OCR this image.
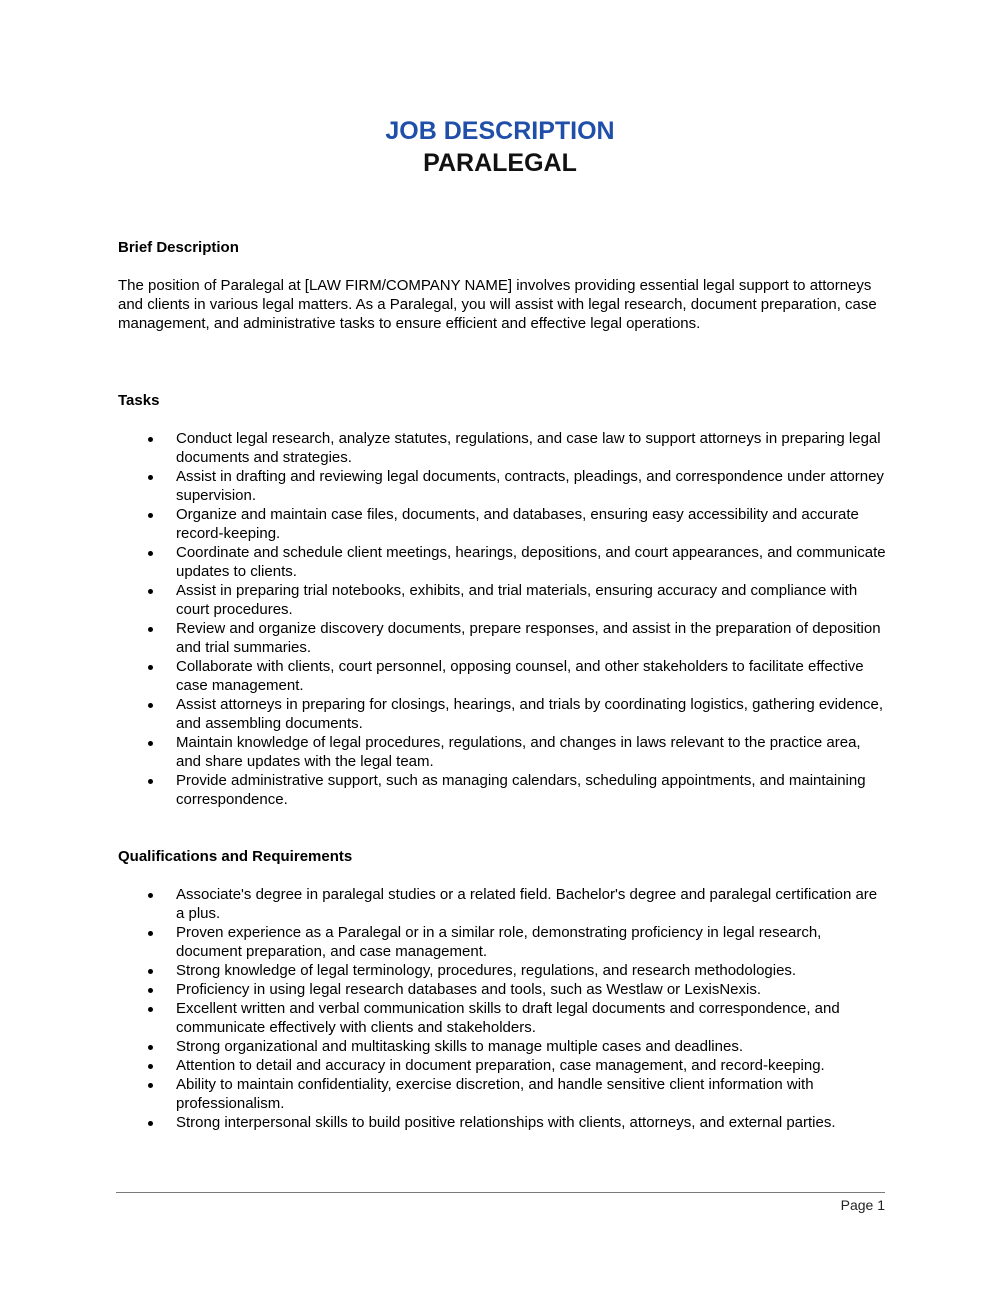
JOB DESCRIPTION
PARALEGAL

Brief Description

The position of Paralegal at [LAW FIRM/COMPANY NAME] involves providing essential legal support to attorneys and clients in various legal matters. As a Paralegal, you will assist with legal research, document preparation, case management, and administrative tasks to ensure efficient and effective legal operations.

Tasks

Conduct legal research, analyze statutes, regulations, and case law to support attorneys in preparing legal documents and strategies.
Assist in drafting and reviewing legal documents, contracts, pleadings, and correspondence under attorney supervision.
Organize and maintain case files, documents, and databases, ensuring easy accessibility and accurate record-keeping.
Coordinate and schedule client meetings, hearings, depositions, and court appearances, and communicate updates to clients.
Assist in preparing trial notebooks, exhibits, and trial materials, ensuring accuracy and compliance with court procedures.
Review and organize discovery documents, prepare responses, and assist in the preparation of deposition and trial summaries.
Collaborate with clients, court personnel, opposing counsel, and other stakeholders to facilitate effective case management.
Assist attorneys in preparing for closings, hearings, and trials by coordinating logistics, gathering evidence, and assembling documents.
Maintain knowledge of legal procedures, regulations, and changes in laws relevant to the practice area, and share updates with the legal team.
Provide administrative support, such as managing calendars, scheduling appointments, and maintaining correspondence.

Qualifications and Requirements

Associate's degree in paralegal studies or a related field. Bachelor's degree and paralegal certification are a plus.
Proven experience as a Paralegal or in a similar role, demonstrating proficiency in legal research, document preparation, and case management.
Strong knowledge of legal terminology, procedures, regulations, and research methodologies.
Proficiency in using legal research databases and tools, such as Westlaw or LexisNexis.
Excellent written and verbal communication skills to draft legal documents and correspondence, and communicate effectively with clients and stakeholders.
Strong organizational and multitasking skills to manage multiple cases and deadlines.
Attention to detail and accuracy in document preparation, case management, and record-keeping.
Ability to maintain confidentiality, exercise discretion, and handle sensitive client information with professionalism.
Strong interpersonal skills to build positive relationships with clients, attorneys, and external parties.
Page 1
